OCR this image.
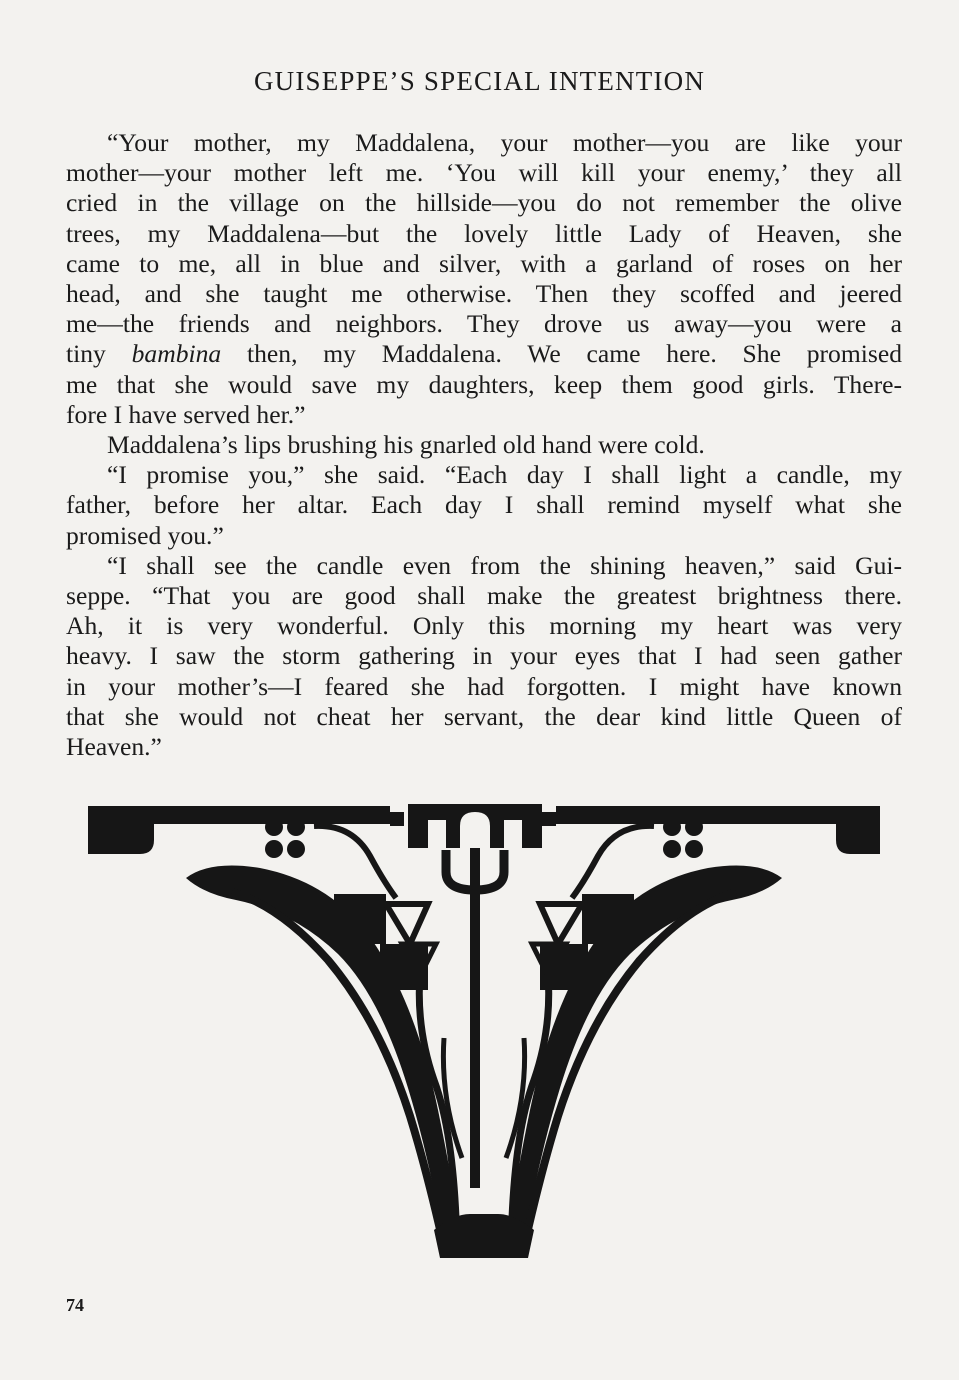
GUISEPPE’S SPECIAL INTENTION
“Your mother, my Maddalena, your mother—you are like your
mother—your mother left me. ‘You will kill your enemy,’ they all
cried in the village on the hillside—you do not remember the olive
trees, my Maddalena—but the lovely little Lady of Heaven, she
came to me, all in blue and silver, with a garland of roses on her
head, and she taught me otherwise. Then they scoffed and jeered
me—the friends and neighbors. They drove us away—you were a
tiny bambina then, my Maddalena. We came here. She promised
me that she would save my daughters, keep them good girls. There-
fore I have served her.”
Maddalena’s lips brushing his gnarled old hand were cold.
“I promise you,” she said. “Each day I shall light a candle, my
father, before her altar. Each day I shall remind myself what she
promised you.”
“I shall see the candle even from the shining heaven,” said Gui-
seppe. “That you are good shall make the greatest brightness there.
Ah, it is very wonderful. Only this morning my heart was very
heavy. I saw the storm gathering in your eyes that I had seen gather
in your mother’s—I feared she had forgotten. I might have known
that she would not cheat her servant, the dear kind little Queen of
Heaven.”
74
